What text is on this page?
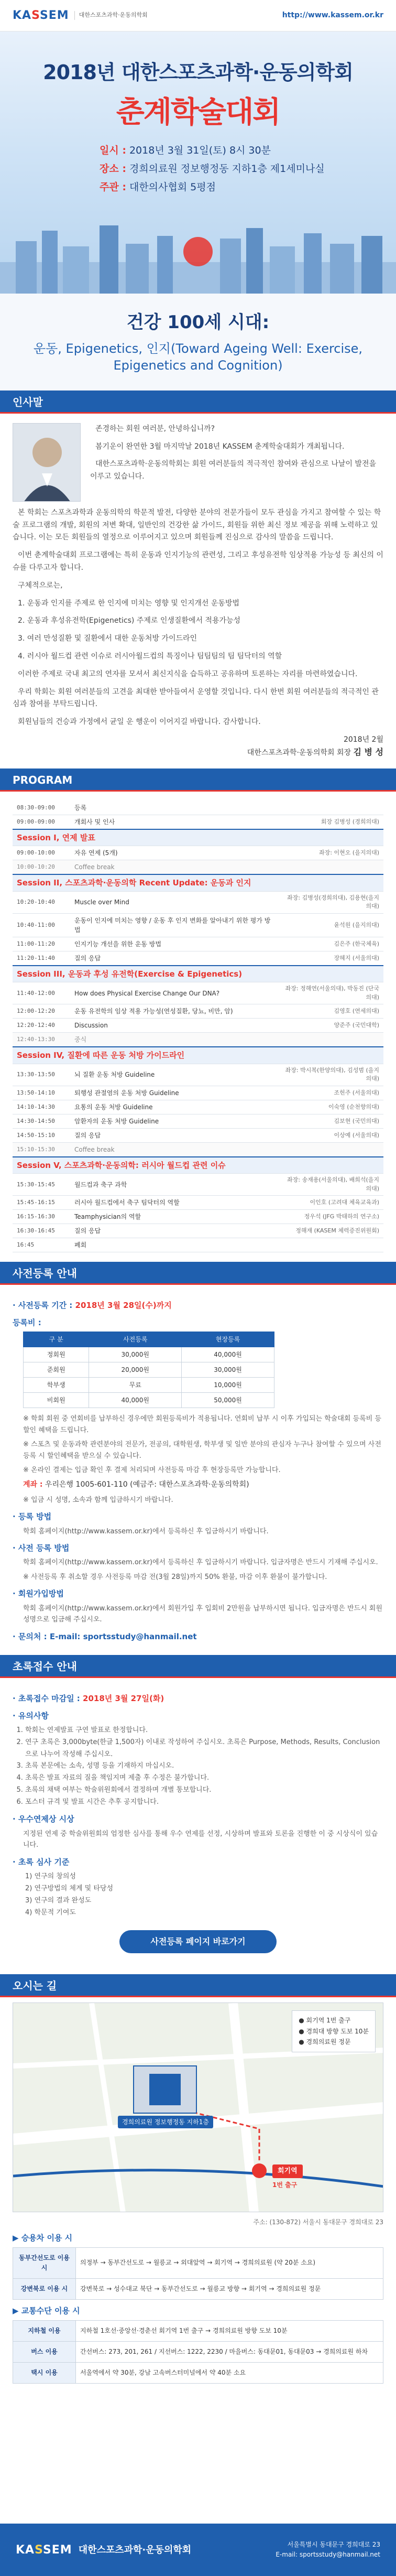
KASSEM	대한스포츠과학·운동의학회	http://www.kassem.or.kr
2018년 대한스포츠과학·운동의학회
춘계학술대회
일시 : 2018년 3월 31일(토) 8시 30분
장소 : 경희의료원 정보행정동 지하1층 제1세미나실
주관 : 대한의사협회 5평점
건강 100세 시대:

운동, Epigenetics, 인지(Toward Ageing Well: Exercise, Epigenetics and Cognition)

인사말

존경하는 회원 여러분, 안녕하십니까?

봄기운이 완연한 3월 마지막날 2018년 KASSEM 춘계학술대회가 개최됩니다.

대한스포츠과학·운동의학회는 회원 여러분들의 적극적인 참여와 관심으로 나날이 발전을 이루고 있습니다.

본 학회는 스포츠과학과 운동의학의 학문적 발전, 다양한 분야의 전문가들이 모두 관심을 가지고 참여할 수 있는 학술 프로그램의 개발, 회원의 저변 확대, 일반인의 건강한 삶 가이드, 회원들 위한 최신 정보 제공을 위해 노력하고 있습니다. 이는 모든 회원들의 열정으로 이루어지고 있으며 회원들께 진심으로 감사의 말씀을 드립니다.

이번 춘계학술대회 프로그램에는 특히 운동과 인지기능의 관련성, 그리고 후성유전학 임상적용 가능성 등 최신의 이슈를 다루고자 합니다.

구체적으로는,

1. 운동과 인지를 주제로 한 인지에 미치는 영향 및 인지개선 운동방법

2. 운동과 후성유전학(Epigenetics) 주제로 인생질환에서 적용가능성

3. 여러 만성질환 및 질환에서 대한 운동처방 가이드라인

4. 러시아 월드컵 관련 이슈로 러시아월드컵의 특징이나 팀팀팀의 팀 팀닥터의 역할

이러한 주제로 국내 최고의 연자를 모셔서 최신지식을 습득하고 공유하며 토론하는 자리를 마련하였습니다.

우리 학회는 회원 여러분들의 고견을 최대한 받아들여서 운영할 것입니다. 다시 한번 회원 여러분들의 적극적인 관심과 참여를 부탁드립니다.

회원님들의 건승과 가정에서 균일 운 행운이 이어지길 바랍니다. 감사합니다.

2018년 2월
대한스포츠과학·운동의학회 회장 김 병 성
PROGRAM
08:30-09:00	등록	
09:00-09:00	개회사 및 인사	회장 김병성 (경희의대)
Session I, 연제 발표		
09:00-10:00	자유 연제 (5개)	좌장: 이현오 (을지의대)
10:00-10:20	Coffee break	
Session II, 스포츠과학·운동의학 Recent Update: 운동과 인지		
10:20-10:40	Muscle over Mind	좌장: 김병성(경희의대), 김용현(을지의대)
10:40-11:00	운동이 인지에 미치는 영향 / 운동 후 인지 변화를 알아내기 위한 평가 방법	윤석원 (을지의대)
11:00-11:20	인지기능 개선을 위한 운동 방법	김은주 (한국체육)
11:20-11:40	질의 응답	장혜지 (서울의대)
Session III, 운동과 후성 유전학(Exercise & Epigenetics)		
11:40-12:00	How does Physical Exercise Change Our DNA?	좌장: 정해연(서울의대), 박동진 (단국의대)
12:00-12:20	운동 유전학의 임상 적용 가능성(연성질환, 당뇨, 비만, 암)	김영호 (연세의대)
12:20-12:40	Discussion	양준주 (국민대학)
12:40-13:30	중식	
Session IV, 질환에 따른 운동 처방 가이드라인		
13:30-13:50	뇌 질환 운동 처방 Guideline	좌장: 박시복(한양의대), 김성범 (을지의대)
13:50-14:10	퇴행성 관절염의 운동 처방 Guideline	조헌주 (서울의대)
14:10-14:30	요통의 운동 처방 Guideline	이숙영 (순천향의대)
14:30-14:50	암환자의 운동 처방 Guideline	김보현 (국민의대)
14:50-15:10	질의 응답	이상예 (서울의대)
15:10-15:30	Coffee break	
Session V, 스포츠과학·운동의학: 러시아 월드컵 관련 이슈		
15:30-15:45	월드컵과 축구 과학	좌장: 송재용(서울의대), 배희석(을지의대)
15:45-16:15	러시아 월드컵에서 축구 팀닥터의 역할	이인호 (고려대 체육교육과)
16:15-16:30	Teamphysician의 역할	정우석 (JFG 박태하의 연구소)
16:30-16:45	질의 응답	정해재 (KASEM 체력증진위원회)
16:45	폐회	
사전등록 안내
· 사전등록 기간 : 2018년 3월 28일(수)까지
등록비 :
구 분	사전등록	현장등록
정회원	30,000원	40,000원
준회원	20,000원	30,000원
학부생	무료	10,000원
비회원	40,000원	50,000원
※ 학회 회원 중 연회비를 납부하신 경우에만 회원등록비가 적용됩니다. 연회비 납부 시 이후 가입되는 학술대회 등록비 등 할인 혜택을 드립니다.
※ 스포츠 및 운동과학 관련분야의 전문가, 전공의, 대학원생, 학부생 및 일반 분야의 관심자 누구나 참여할 수 있으며 사전 등록 시 할인혜택을 받으실 수 있습니다.
※ 온라인 결제는 입금 확인 후 결제 처리되며 사전등록 마감 후 현장등록만 가능합니다.
계좌 : 우리은행 1005-601-110 (예금주: 대한스포츠과학·운동의학회)
※ 입금 시 성명, 소속과 함께 입금하시기 바랍니다.
· 등록 방법
학회 홈페이지(http://www.kassem.or.kr)에서 등록하신 후 입금하시기 바랍니다.
· 사전 등록 방법
학회 홈페이지(http://www.kassem.or.kr)에서 등록하신 후 입금하시기 바랍니다. 입금자명은 반드시 기재해 주십시오.
※ 사전등록 후 취소할 경우 사전등록 마감 전(3월 28일)까지 50% 환불, 마감 이후 환불이 불가합니다.
· 회원가입방법
학회 홈페이지(http://www.kassem.or.kr)에서 회원가입 후 입회비 2만원을 납부하시면 됩니다. 입금자명은 반드시 회원성명으로 입금해 주십시오.
· 문의처 : E-mail: sportsstudy@hanmail.net
초록접수 안내
· 초록접수 마감일 : 2018년 3월 27일(화)
· 유의사항
1. 학회는 연제발표 구연 발표로 한정합니다.
2. 연구 초록은 3,000byte(한글 1,500자) 이내로 작성하여 주십시오. 초록은 Purpose, Methods, Results, Conclusion으로 나누어 작성해 주십시오.
3. 초록 본문에는 소속, 성명 등을 기재하지 마십시오.
4. 초록은 발표 자료의 질을 책임지며 제출 후 수정은 불가합니다.
5. 초록의 채택 여부는 학술위원회에서 결정하며 개별 통보합니다.
6. 포스터 규격 및 발표 시간은 추후 공지합니다.
· 우수연제상 시상
지정된 연제 중 학술위원회의 엄정한 심사를 통해 우수 연제를 선정, 시상하며 발표와 토론을 진행한 이 중 시상식이 있습니다.
· 초록 심사 기준
1) 연구의 창의성
2) 연구방법의 체계 및 타당성
3) 연구의 결과 완성도
4) 학문적 기여도
사전등록 페이지 바로가기
오시는 길
경희의료원 정보행정동 지하1층
회기역
1번 출구
● 회기역 1번 출구
● 경희대 방향 도보 10분
● 경희의료원 정문
주소: (130-872) 서울시 동대문구 경희대로 23
▶ 승용차 이용 시
동부간선도로 이용 시	의정부 → 동부간선도로 → 월릉교 → 외대앞역 → 회기역 → 경희의료원 (약 20분 소요)
강변북로 이용 시	강변북로 → 성수대교 북단 → 동부간선도로 → 월릉교 방향 → 회기역 → 경희의료원 정문
▶ 교통수단 이용 시
지하철 이용	지하철 1호선·중앙선·경춘선 회기역 1번 출구 → 경희의료원 방향 도보 10분
버스 이용	간선버스: 273, 201, 261 / 지선버스: 1222, 2230 / 마을버스: 동대문01, 동대문03 → 경희의료원 하차
택시 이용	서울역에서 약 30분, 강남 고속버스터미널에서 약 40분 소요
KASSEM 대한스포츠과학·운동의학회	서울특별시 동대문구 경희대로 23
E-mail: sportsstudy@hanmail.net
